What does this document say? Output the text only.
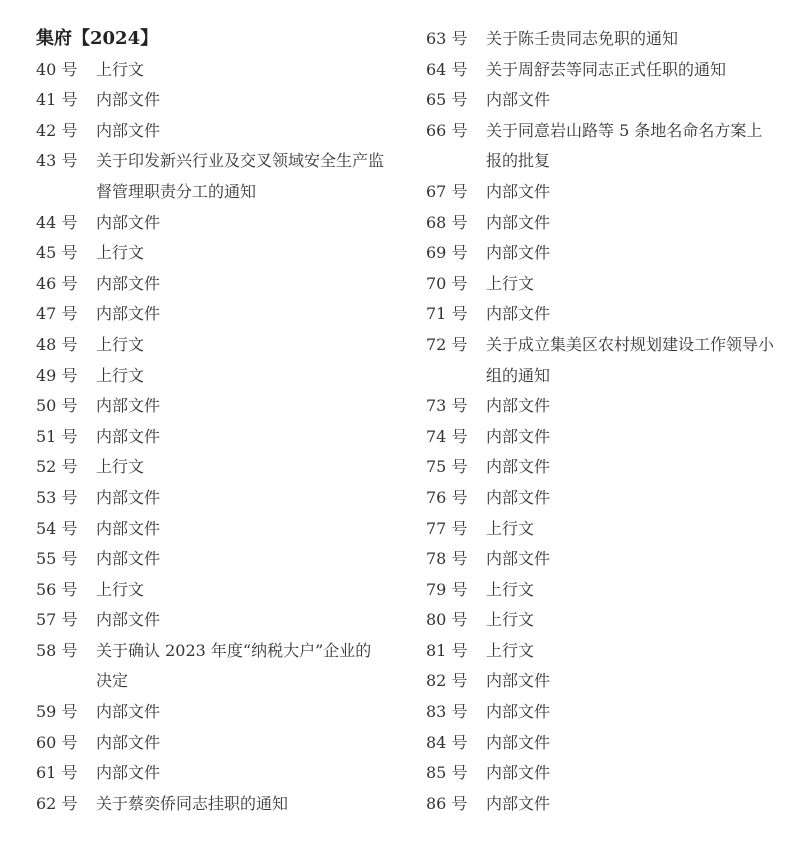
集府【2024】
40 号	上行文
41 号	内部文件
42 号	内部文件
43 号	关于印发新兴行业及交叉领域安全生产监督管理职责分工的通知
44 号	内部文件
45 号	上行文
46 号	内部文件
47 号	内部文件
48 号	上行文
49 号	上行文
50 号	内部文件
51 号	内部文件
52 号	上行文
53 号	内部文件
54 号	内部文件
55 号	内部文件
56 号	上行文
57 号	内部文件
58 号	关于确认 2023 年度“纳税大户”企业的决定
59 号	内部文件
60 号	内部文件
61 号	内部文件
62 号	关于蔡奕侨同志挂职的通知
63 号	关于陈壬贵同志免职的通知
64 号	关于周舒芸等同志正式任职的通知
65 号	内部文件
66 号	关于同意岩山路等 5 条地名命名方案上报的批复
67 号	内部文件
68 号	内部文件
69 号	内部文件
70 号	上行文
71 号	内部文件
72 号	关于成立集美区农村规划建设工作领导小组的通知
73 号	内部文件
74 号	内部文件
75 号	内部文件
76 号	内部文件
77 号	上行文
78 号	内部文件
79 号	上行文
80 号	上行文
81 号	上行文
82 号	内部文件
83 号	内部文件
84 号	内部文件
85 号	内部文件
86 号	内部文件
